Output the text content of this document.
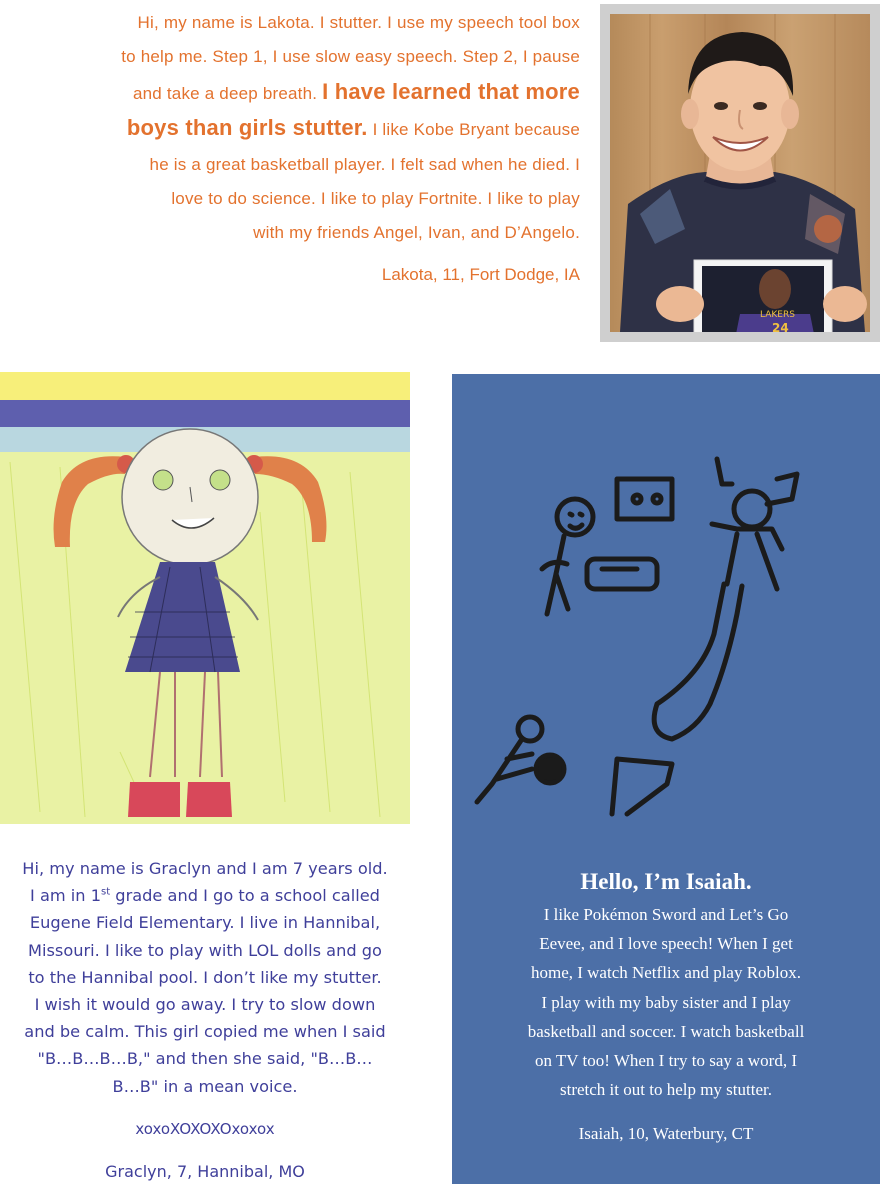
Hi, my name is Lakota. I stutter. I use my speech tool box
to help me. Step 1, I use slow easy speech. Step 2, I pause
and take a deep breath. I have learned that more
boys than girls stutter. I like Kobe Bryant because
he is a great basketball player. I felt sad when he died. I
love to do science. I like to play Fortnite. I like to play
with my friends Angel, Ivan, and D’Angelo.
Lakota, 11, Fort Dodge, IA
LAKERS
24
Hi, my name is Graclyn and I am 7 years old.
I am in 1st grade and I go to a school called
Eugene Field Elementary. I live in Hannibal,
Missouri. I like to play with LOL dolls and go
to the Hannibal pool. I don’t like my stutter.
I wish it would go away. I try to slow down
and be calm. This girl copied me when I said
"B…B…B…B," and then she said, "B…B…
B…B" in a mean voice.
xoxoXOXOXOxoxox
Graclyn, 7, Hannibal, MO
Hello, I’m Isaiah.
I like Pokémon Sword and Let’s Go
Eevee, and I love speech! When I get
home, I watch Netflix and play Roblox.
I play with my baby sister and I play
basketball and soccer. I watch basketball
on TV too! When I try to say a word, I
stretch it out to help my stutter.
Isaiah, 10, Waterbury, CT
